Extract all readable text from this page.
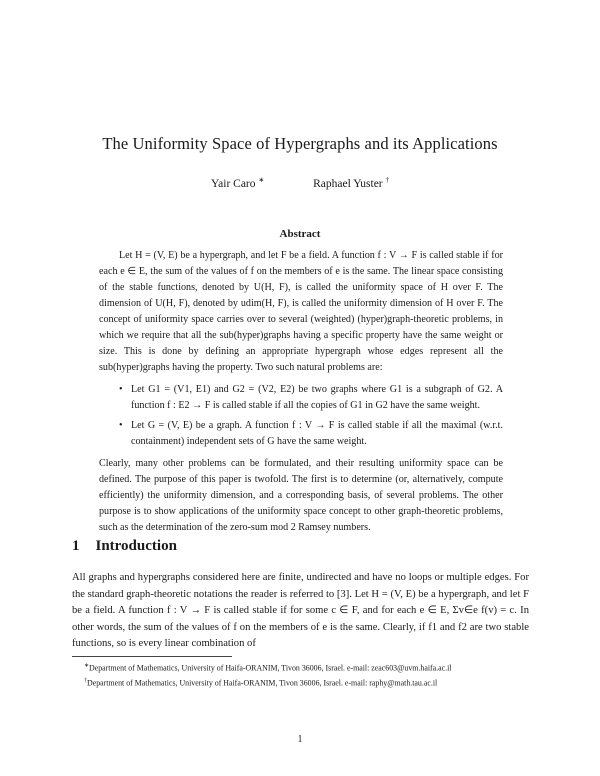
The Uniformity Space of Hypergraphs and its Applications
Yair Caro ∗	Raphael Yuster †
Abstract

Let H = (V, E) be a hypergraph, and let F be a field. A function f : V → F is called stable if for each e ∈ E, the sum of the values of f on the members of e is the same. The linear space consisting of the stable functions, denoted by U(H, F), is called the uniformity space of H over F. The dimension of U(H, F), denoted by udim(H, F), is called the uniformity dimension of H over F. The concept of uniformity space carries over to several (weighted) (hyper)graph-theoretic problems, in which we require that all the sub(hyper)graphs having a specific property have the same weight or size. This is done by defining an appropriate hypergraph whose edges represent all the sub(hyper)graphs having the property. Two such natural problems are:

• Let G1 = (V1, E1) and G2 = (V2, E2) be two graphs where G1 is a subgraph of G2. A function f : E2 → F is called stable if all the copies of G1 in G2 have the same weight.
• Let G = (V, E) be a graph. A function f : V → F is called stable if all the maximal (w.r.t. containment) independent sets of G have the same weight.

Clearly, many other problems can be formulated, and their resulting uniformity space can be defined. The purpose of this paper is twofold. The first is to determine (or, alternatively, compute efficiently) the uniformity dimension, and a corresponding basis, of several problems. The other purpose is to show applications of the uniformity space concept to other graph-theoretic problems, such as the determination of the zero-sum mod 2 Ramsey numbers.

1 Introduction

All graphs and hypergraphs considered here are finite, undirected and have no loops or multiple edges. For the standard graph-theoretic notations the reader is referred to [3]. Let H = (V, E) be a hypergraph, and let F be a field. A function f : V → F is called stable if for some c ∈ F, and for each e ∈ E, Σv∈e f(v) = c. In other words, the sum of the values of f on the members of e is the same. Clearly, if f1 and f2 are two stable functions, so is every linear combination of

∗Department of Mathematics, University of Haifa-ORANIM, Tivon 36006, Israel. e-mail: zeac603@uvm.haifa.ac.il
†Department of Mathematics, University of Haifa-ORANIM, Tivon 36006, Israel. e-mail: raphy@math.tau.ac.il
1
